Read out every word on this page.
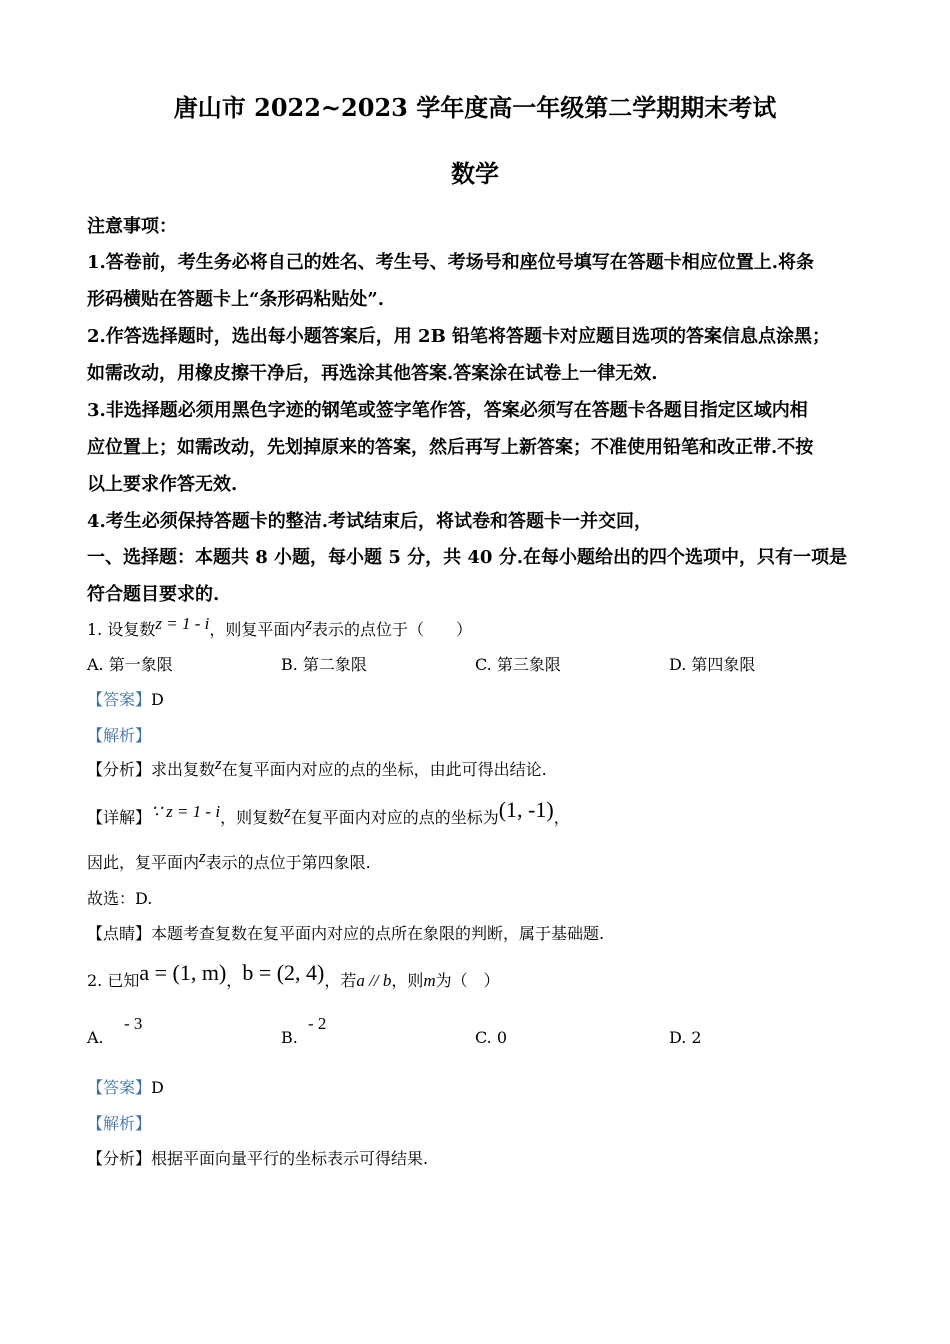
唐山市 2022~2023 学年度高一年级第二学期期末考试
数学
注意事项：
1.答卷前，考生务必将自己的姓名、考生号、考场号和座位号填写在答题卡相应位置上.将条
形码横贴在答题卡上“条形码粘贴处”.
2.作答选择题时，选出每小题答案后，用 2B 铅笔将答题卡对应题目选项的答案信息点涂黑；
如需改动，用橡皮擦干净后，再选涂其他答案.答案涂在试卷上一律无效.
3.非选择题必须用黑色字迹的钢笔或签字笔作答，答案必须写在答题卡各题目指定区域内相
应位置上；如需改动，先划掉原来的答案，然后再写上新答案；不准使用铅笔和改正带.不按
以上要求作答无效.
4.考生必须保持答题卡的整洁.考试结束后，将试卷和答题卡一并交回，
一、选择题：本题共 8 小题，每小题 5 分，共 40 分.在每小题给出的四个选项中，只有一项是
符合题目要求的.
1. 设复数z = 1 - i，则复平面内z表示的点位于（　　）
A. 第一象限	B. 第二象限	C. 第三象限	D. 第四象限
【答案】D
【解析】
【分析】求出复数z在复平面内对应的点的坐标，由此可得出结论.
【详解】∵ z = 1 - i，则复数z在复平面内对应的点的坐标为(1, -1)，
因此，复平面内z表示的点位于第四象限.
故选：D.
【点睛】本题考查复数在复平面内对应的点所在象限的判断，属于基础题.
2. 已知a = (1, m)，b = (2, 4)，若a // b，则m为（　）
A.    - 3
B.  - 2
C. 0	D. 2
【答案】D
【解析】
【分析】根据平面向量平行的坐标表示可得结果.
